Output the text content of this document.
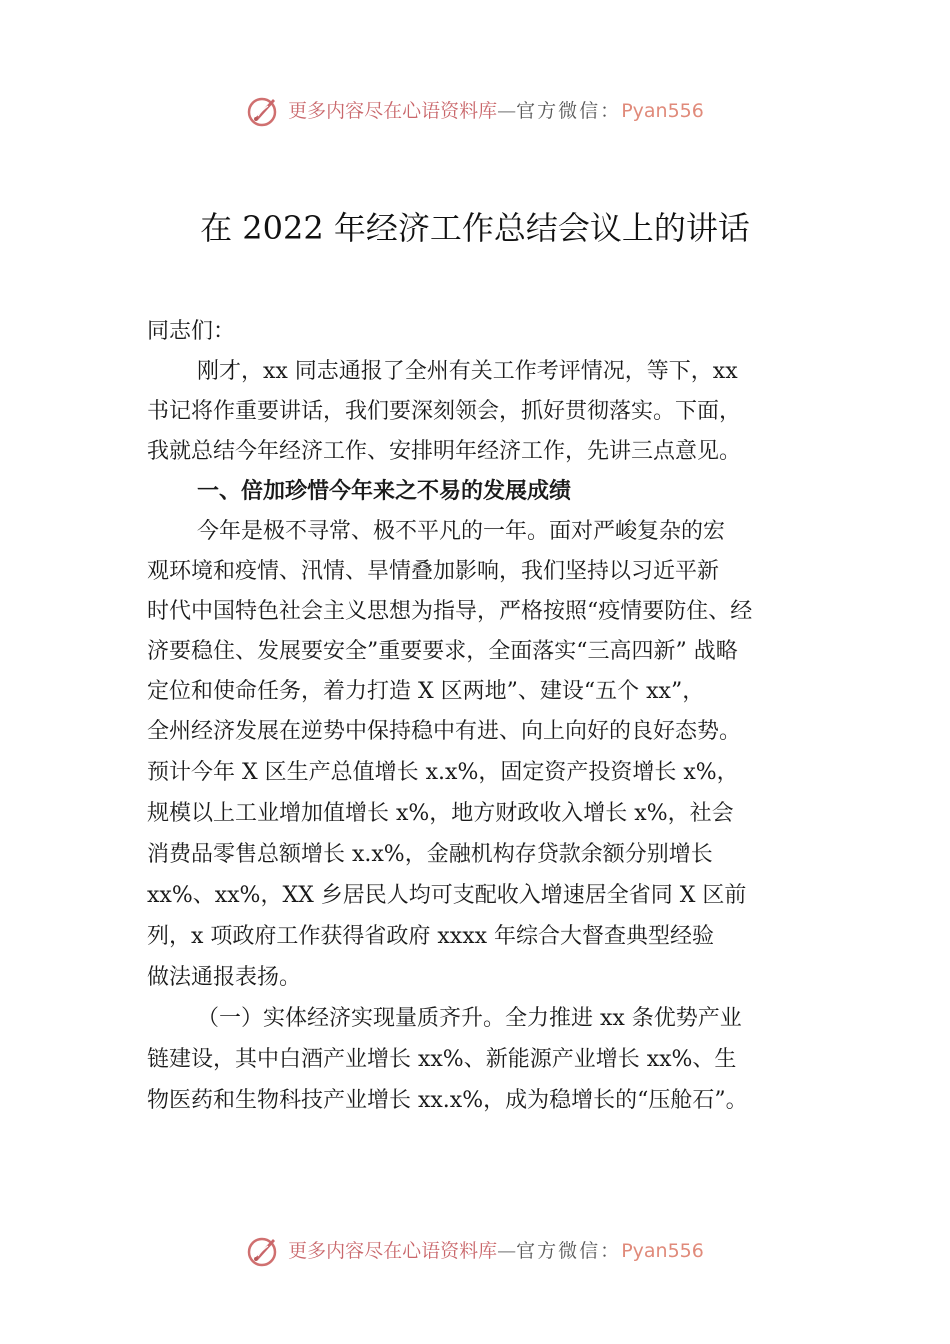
更多内容尽在心语资料库—官方微信：Pyan556
在 2022 年经济工作总结会议上的讲话
同志们：
刚才，xx 同志通报了全州有关工作考评情况，等下，xx
书记将作重要讲话，我们要深刻领会，抓好贯彻落实。下面，
我就总结今年经济工作、安排明年经济工作，先讲三点意见。
一、倍加珍惜今年来之不易的发展成绩
今年是极不寻常、极不平凡的一年。面对严峻复杂的宏
观环境和疫情、汛情、旱情叠加影响，我们坚持以习近平新
时代中国特色社会主义思想为指导，严格按照“疫情要防住、经
济要稳住、发展要安全”重要要求，全面落实“三高四新” 战略
定位和使命任务，着力打造 X 区两地”、建设“五个 xx”，
全州经济发展在逆势中保持稳中有进、向上向好的良好态势。
预计今年 X 区生产总值增长 x.x%，固定资产投资增长 x%，
规模以上工业增加值增长 x%，地方财政收入增长 x%，社会
消费品零售总额增长 x.x%，金融机构存贷款余额分别增长
xx%、xx%，XX 乡居民人均可支配收入增速居全省同 X 区前
列，x 项政府工作获得省政府 xxxx 年综合大督查典型经验
做法通报表扬。
（一）实体经济实现量质齐升。全力推进 xx 条优势产业
链建设，其中白酒产业增长 xx%、新能源产业增长 xx%、生
物医药和生物科技产业增长 xx.x%，成为稳增长的“压舱石”。
更多内容尽在心语资料库—官方微信：Pyan556
